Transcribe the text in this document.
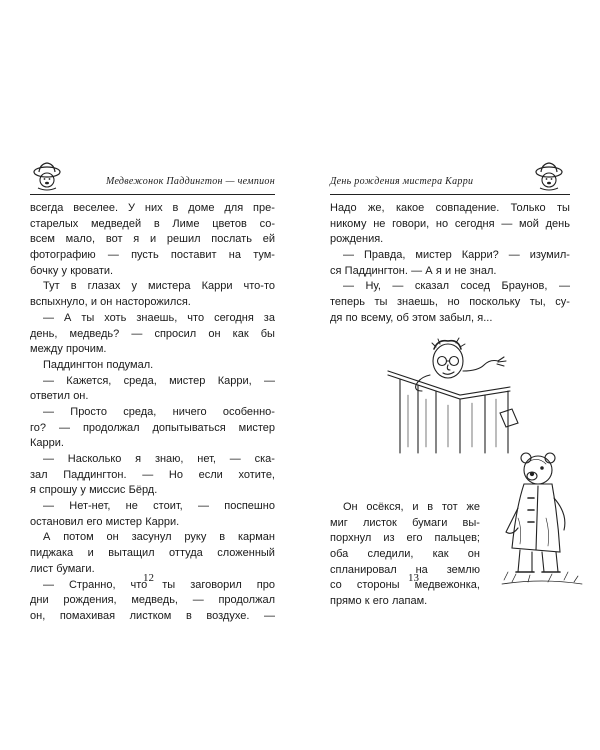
Медвежонок Паддингтон — чемпион
всегда веселее. У них в доме для пре-
старелых медведей в Лиме цветов со-
всем мало, вот я и решил послать ей
фотографию — пусть поставит на тум-
бочку у кровати.
Тут в глазах у мистера Карри что-то
вспыхнуло, и он насторожился.
— А ты хоть знаешь, что сегодня за
день, медведь? — спросил он как бы
между прочим.
Паддингтон подумал.
— Кажется, среда, мистер Карри, —
ответил он.
— Просто среда, ничего особенно-
го? — продолжал допытываться мистер
Карри.
— Насколько я знаю, нет, — ска-
зал Паддингтон. — Но если хотите,
я спрошу у миссис Бёрд.
— Нет-нет, не стоит, — поспешно
остановил его мистер Карри.
А потом он засунул руку в карман
пиджака и вытащил оттуда сложенный
лист бумаги.
— Странно, что ты заговорил про
дни рождения, медведь, — продолжал
он, помахивая листком в воздухе. —
12
День рождения мистера Карри
Надо же, какое совпадение. Только ты
никому не говори, но сегодня — мой день
рождения.
— Правда, мистер Карри? — изумил-
ся Паддингтон. — А я и не знал.
— Ну, — сказал сосед Браунов, —
теперь ты знаешь, но поскольку ты, су-
дя по всему, об этом забыл, я...
Он осёкся, и в тот же
миг листок бумаги вы-
порхнул из его пальцев;
оба следили, как он
спланировал на землю
со стороны медвежонка,
прямо к его лапам.
13
